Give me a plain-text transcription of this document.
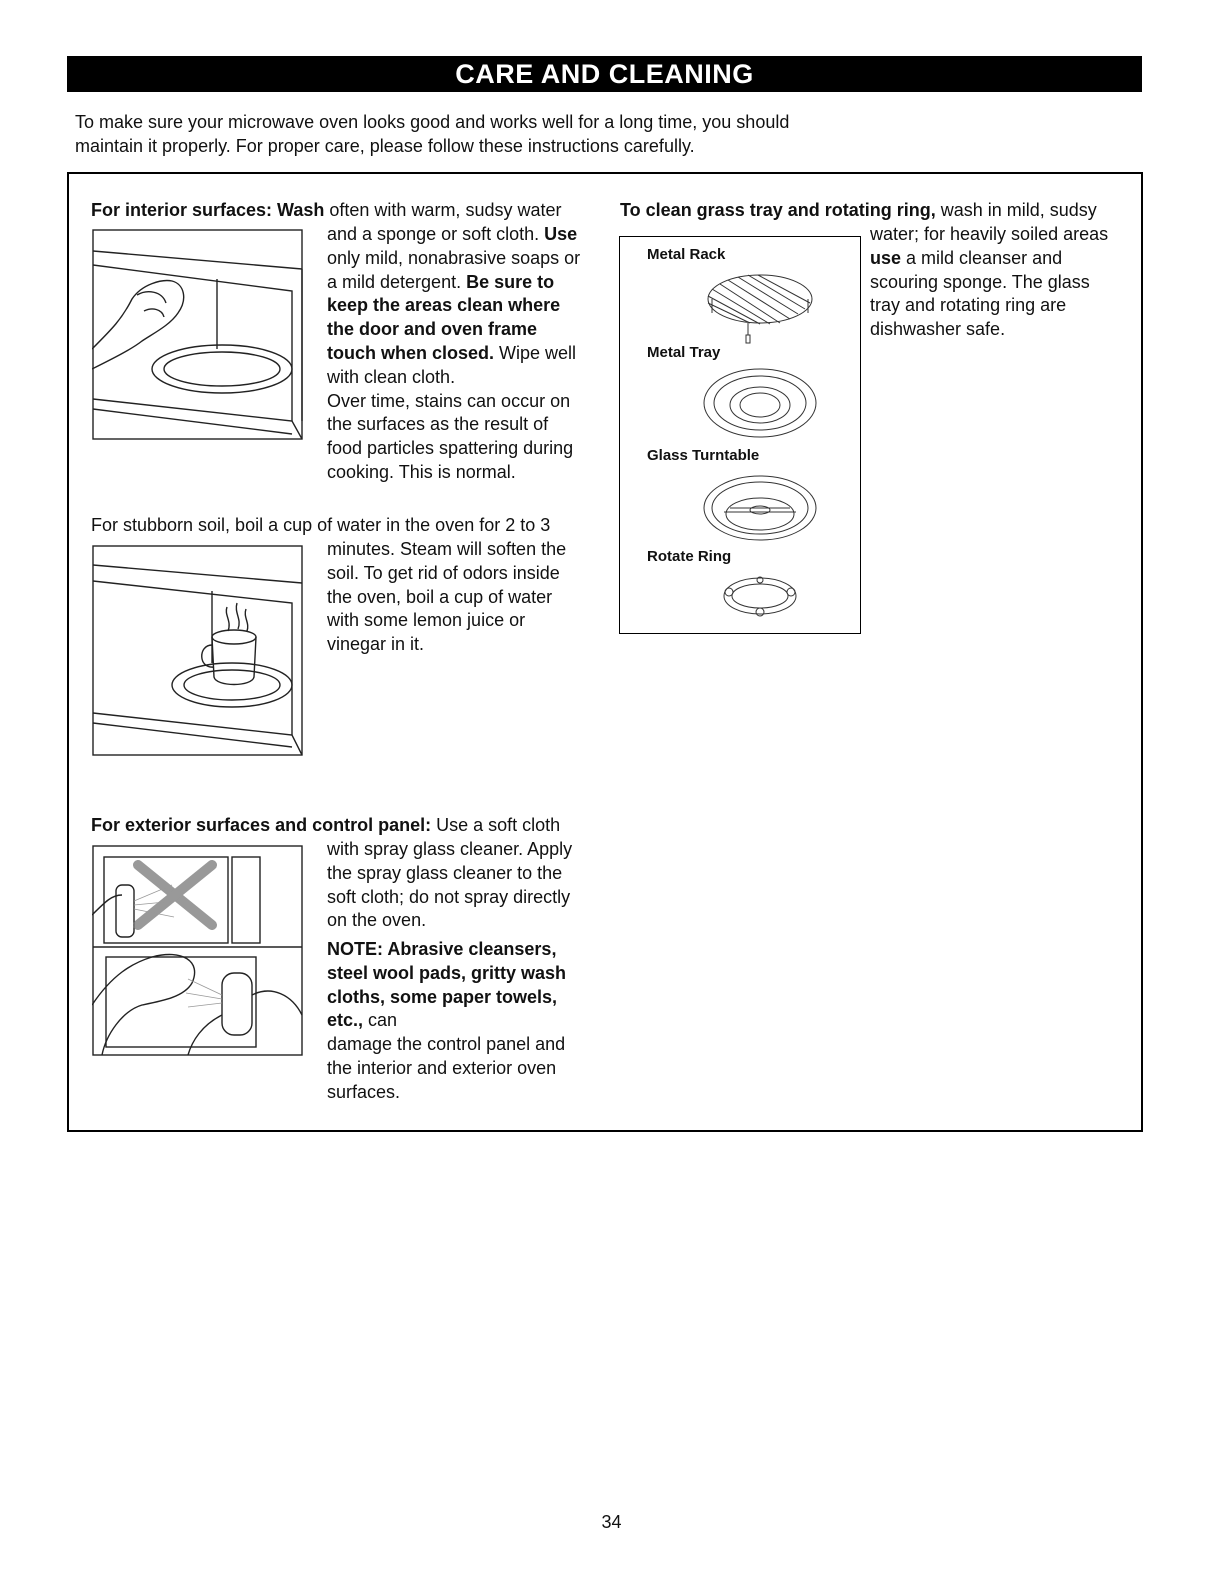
CARE AND CLEANING
To make sure your microwave oven looks good and works well for a long time, you should
maintain it properly. For proper care, please follow these instructions carefully.
For interior surfaces: Wash often with warm, sudsy water
and a sponge or soft cloth. Use
only mild, nonabrasive soaps or
a mild detergent. Be sure to
keep the areas clean where
the door and oven frame
touch when closed. Wipe well
with clean cloth.
Over time, stains can occur on
the surfaces as the result of
food particles spattering during
cooking. This is normal.
For stubborn soil, boil a cup of water in the oven for 2 to 3
minutes. Steam will soften the
soil. To get rid of odors inside
the oven, boil a cup of water
with some lemon juice or
vinegar in it.
For exterior surfaces and control panel: Use a soft cloth
with spray glass cleaner. Apply
the spray glass cleaner to the
soft cloth; do not spray directly
on the oven.
NOTE: Abrasive cleansers,
steel wool pads, gritty wash
cloths, some paper towels,
etc., can
damage the control panel and
the interior and exterior oven
surfaces.
To clean grass tray and rotating ring, wash in mild, sudsy
water; for heavily soiled areas
use a mild cleanser and
scouring sponge. The glass
tray and rotating ring are
dishwasher safe.
Metal Rack
Metal Tray
Glass Turntable
Rotate Ring
34
